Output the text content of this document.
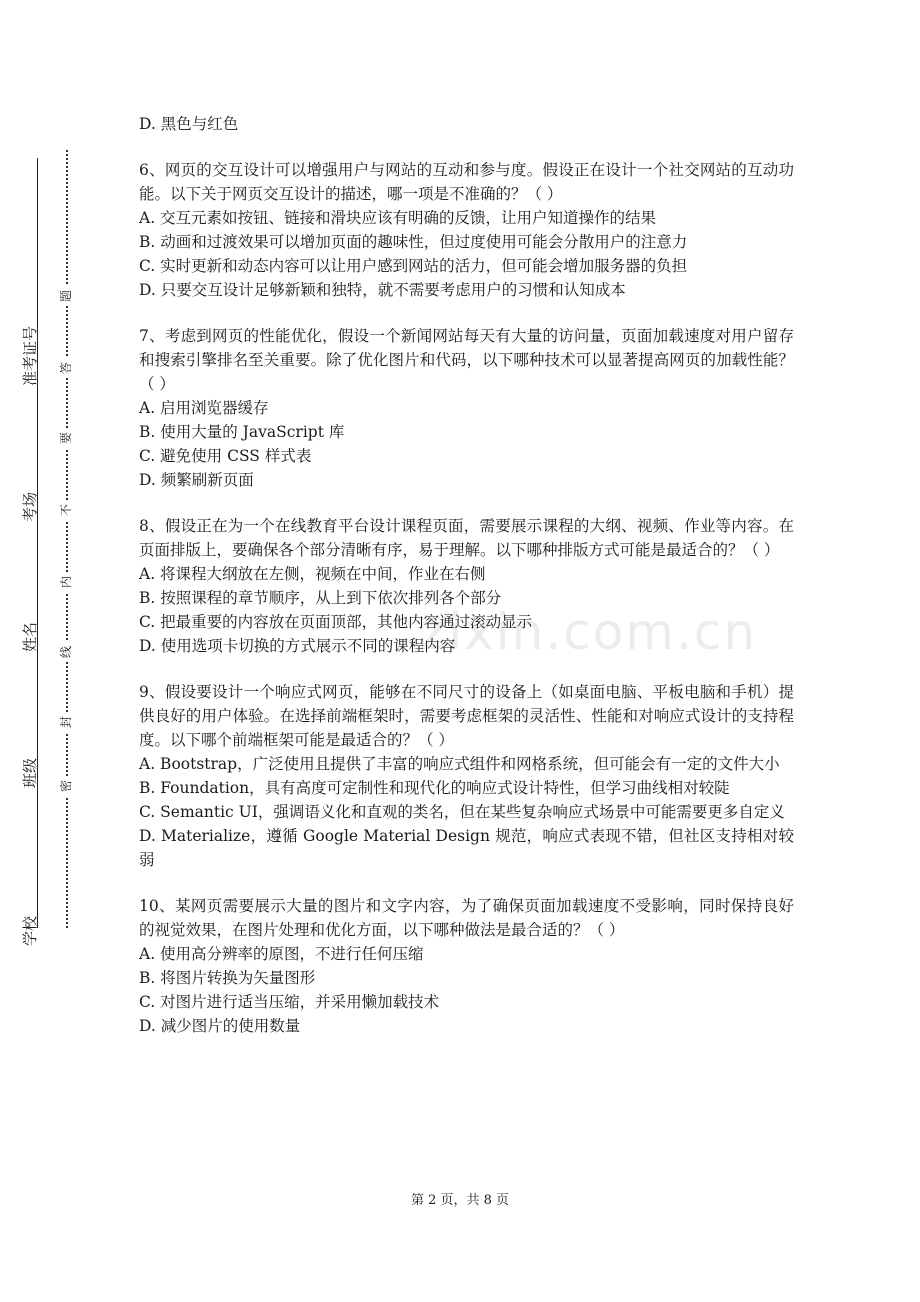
准考证号
考场
姓名
班级
学校
题
答
要
不
内
线
封
密
zixin.com.cn

D. 黑色与红色

6、网页的交互设计可以增强用户与网站的互动和参与度。假设正在设计一个社交网站的互动功能。以下关于网页交互设计的描述，哪一项是不准确的？（ ）

A. 交互元素如按钮、链接和滑块应该有明确的反馈，让用户知道操作的结果

B. 动画和过渡效果可以增加页面的趣味性，但过度使用可能会分散用户的注意力

C. 实时更新和动态内容可以让用户感到网站的活力，但可能会增加服务器的负担

D. 只要交互设计足够新颖和独特，就不需要考虑用户的习惯和认知成本

7、考虑到网页的性能优化，假设一个新闻网站每天有大量的访问量，页面加载速度对用户留存和搜索引擎排名至关重要。除了优化图片和代码，以下哪种技术可以显著提高网页的加载性能？（ ）

A. 启用浏览器缓存

B. 使用大量的 JavaScript 库

C. 避免使用 CSS 样式表

D. 频繁刷新页面

8、假设正在为一个在线教育平台设计课程页面，需要展示课程的大纲、视频、作业等内容。在页面排版上，要确保各个部分清晰有序，易于理解。以下哪种排版方式可能是最适合的？（ ）

A. 将课程大纲放在左侧，视频在中间，作业在右侧

B. 按照课程的章节顺序，从上到下依次排列各个部分

C. 把最重要的内容放在页面顶部，其他内容通过滚动显示

D. 使用选项卡切换的方式展示不同的课程内容

9、假设要设计一个响应式网页，能够在不同尺寸的设备上（如桌面电脑、平板电脑和手机）提供良好的用户体验。在选择前端框架时，需要考虑框架的灵活性、性能和对响应式设计的支持程度。以下哪个前端框架可能是最适合的？（ ）

A. Bootstrap，广泛使用且提供了丰富的响应式组件和网格系统，但可能会有一定的文件大小

B. Foundation，具有高度可定制性和现代化的响应式设计特性，但学习曲线相对较陡

C. Semantic UI，强调语义化和直观的类名，但在某些复杂响应式场景中可能需要更多自定义

D. Materialize，遵循 Google Material Design 规范，响应式表现不错，但社区支持相对较弱

10、某网页需要展示大量的图片和文字内容，为了确保页面加载速度不受影响，同时保持良好的视觉效果，在图片处理和优化方面，以下哪种做法是最合适的？（ ）

A. 使用高分辨率的原图，不进行任何压缩

B. 将图片转换为矢量图形

C. 对图片进行适当压缩，并采用懒加载技术

D. 减少图片的使用数量

第 2 页，共 8 页
